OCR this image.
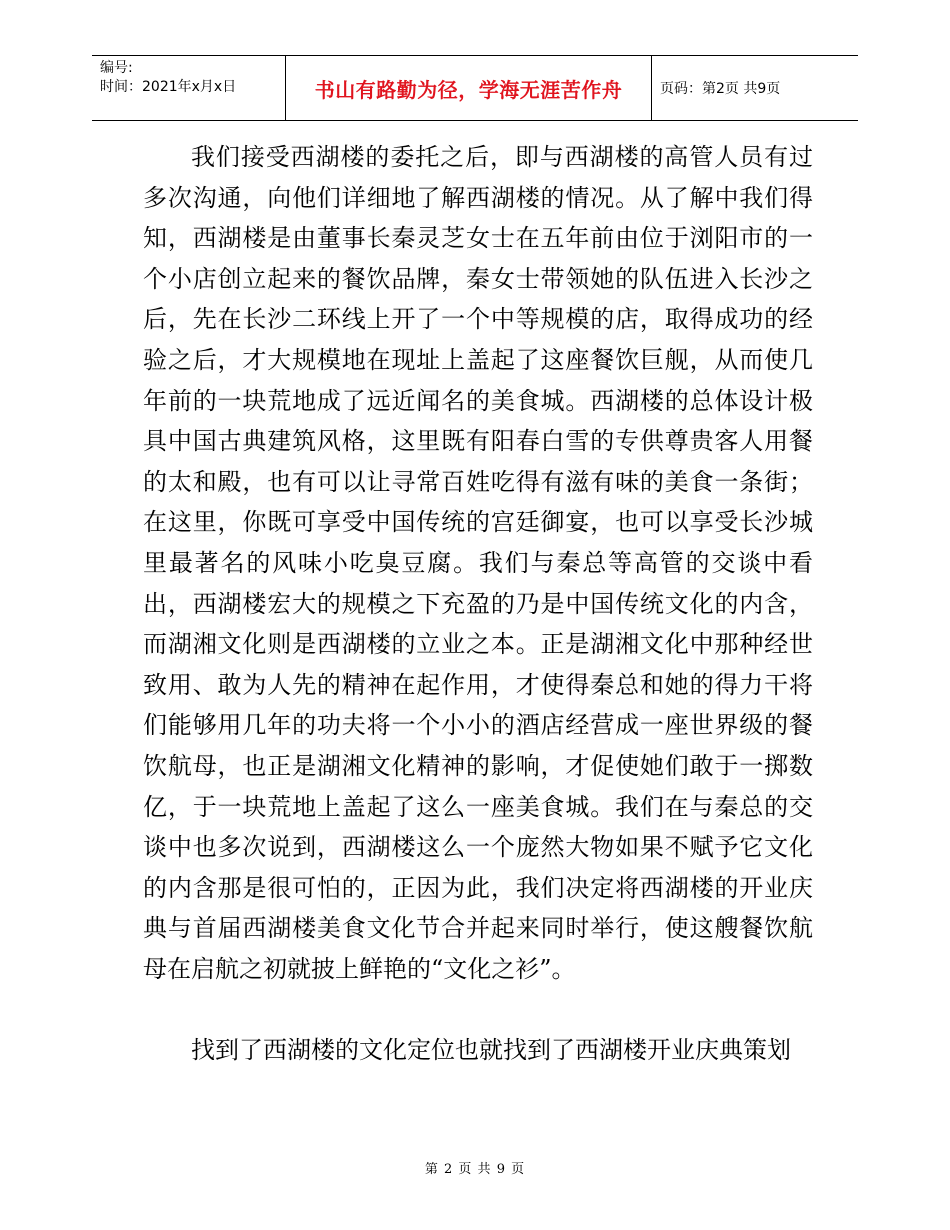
编号:
时间：2021年x月x日	书山有路勤为径，学海无涯苦作舟	页码：第2页 共9页

我们接受西湖楼的委托之后，即与西湖楼的高管人员有过多次沟通，向他们详细地了解西湖楼的情况。从了解中我们得知，西湖楼是由董事长秦灵芝女士在五年前由位于浏阳市的一个小店创立起来的餐饮品牌，秦女士带领她的队伍进入长沙之后，先在长沙二环线上开了一个中等规模的店，取得成功的经验之后，才大规模地在现址上盖起了这座餐饮巨舰，从而使几年前的一块荒地成了远近闻名的美食城。西湖楼的总体设计极具中国古典建筑风格，这里既有阳春白雪的专供尊贵客人用餐的太和殿，也有可以让寻常百姓吃得有滋有味的美食一条街；在这里，你既可享受中国传统的宫廷御宴，也可以享受长沙城里最著名的风味小吃臭豆腐。我们与秦总等高管的交谈中看出，西湖楼宏大的规模之下充盈的乃是中国传统文化的内含，而湖湘文化则是西湖楼的立业之本。正是湖湘文化中那种经世致用、敢为人先的精神在起作用，才使得秦总和她的得力干将们能够用几年的功夫将一个小小的酒店经营成一座世界级的餐饮航母，也正是湖湘文化精神的影响，才促使她们敢于一掷数亿，于一块荒地上盖起了这么一座美食城。我们在与秦总的交谈中也多次说到，西湖楼这么一个庞然大物如果不赋予它文化的内含那是很可怕的，正因为此，我们决定将西湖楼的开业庆典与首届西湖楼美食文化节合并起来同时举行，使这艘餐饮航母在启航之初就披上鲜艳的“文化之衫”。

找到了西湖楼的文化定位也就找到了西湖楼开业庆典策划

第 2 页 共 9 页
